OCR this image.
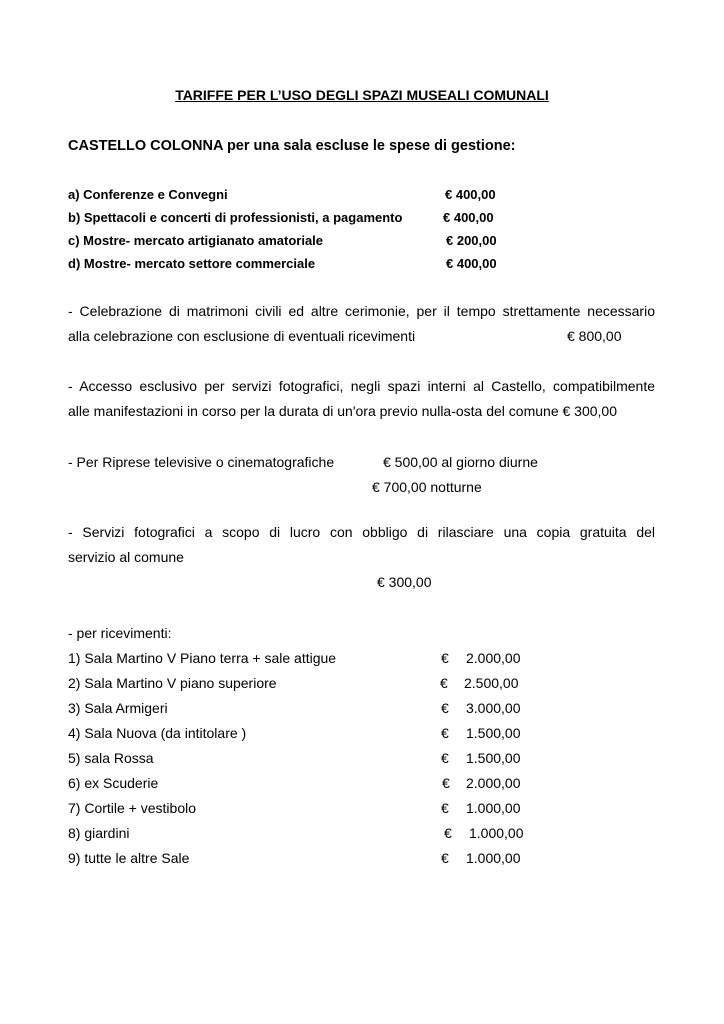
TARIFFE PER L’USO DEGLI SPAZI MUSEALI COMUNALI
CASTELLO COLONNA per una sala escluse le spese di gestione:
a) Conferenze e Convegni	€ 400,00
b) Spettacoli e concerti di professionisti, a pagamento	€ 400,00
c) Mostre- mercato artigianato amatoriale	€ 200,00
d) Mostre- mercato settore commerciale	€ 400,00
- Celebrazione di matrimoni civili ed altre cerimonie, per il tempo strettamente necessario
alla celebrazione con esclusione di eventuali ricevimenti	€ 800,00
- Accesso esclusivo per servizi fotografici, negli spazi interni al Castello, compatibilmente
alle manifestazioni in corso per la durata di un'ora previo nulla-osta del comune € 300,00
- Per Riprese televisive o cinematografiche	€ 500,00 al giorno diurne
€ 700,00 notturne
- Servizi fotografici a scopo di lucro con obbligo di rilasciare una copia gratuita del
servizio al comune
€ 300,00
- per ricevimenti:
1) Sala Martino V Piano terra + sale attigue	€ 2.000,00
2) Sala Martino V piano superiore	€ 2.500,00
3) Sala Armigeri	€ 3.000,00
4) Sala Nuova (da intitolare )	€ 1.500,00
5) sala Rossa	€ 1.500,00
6) ex Scuderie	€ 2.000,00
7) Cortile + vestibolo	€ 1.000,00
8) giardini	€ 1.000,00
9) tutte le altre Sale	€ 1.000,00
